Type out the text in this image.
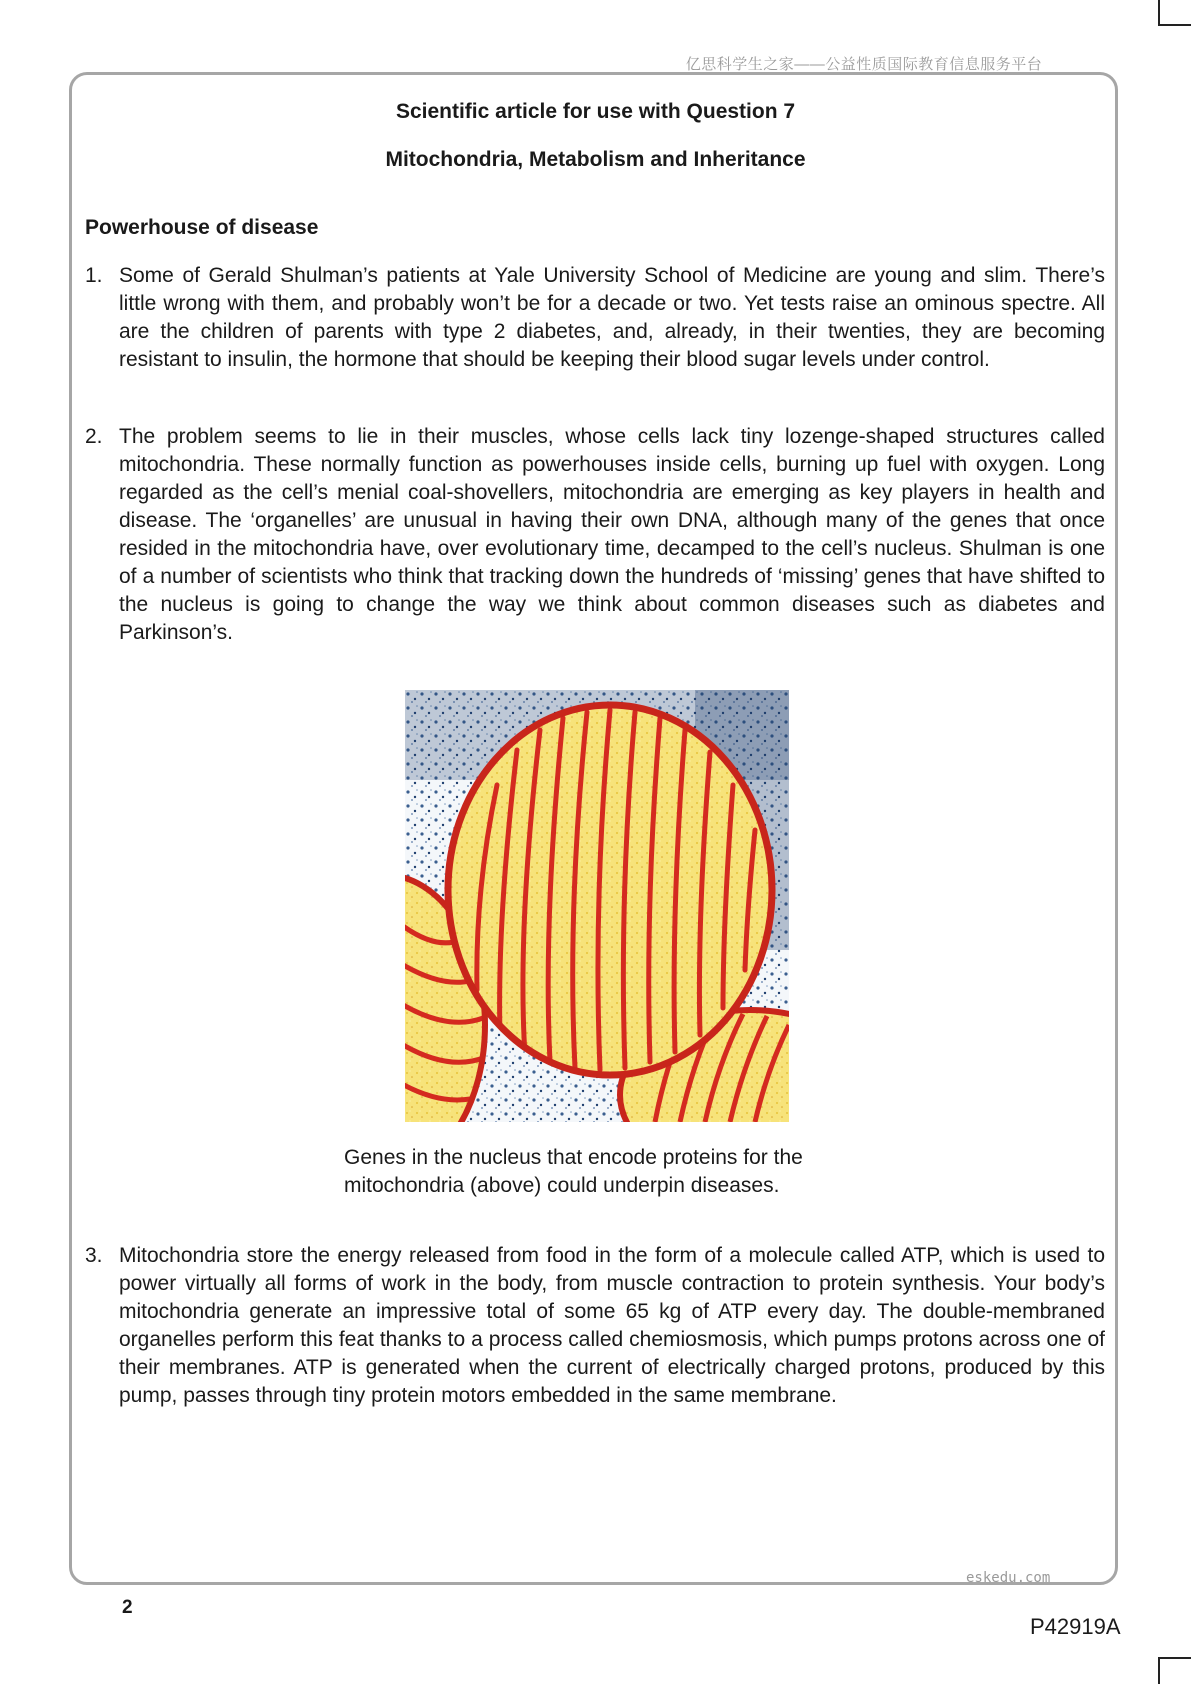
亿思科学生之家——公益性质国际教育信息服务平台
Scientific article for use with Question 7
Mitochondria, Metabolism and Inheritance
Powerhouse of disease
1. Some of Gerald Shulman’s patients at Yale University School of Medicine are young and slim. There’s little wrong with them, and probably won’t be for a decade or two. Yet tests raise an ominous spectre. All are the children of parents with type 2 diabetes, and, already, in their twenties, they are becoming resistant to insulin, the hormone that should be keeping their blood sugar levels under control.
2. The problem seems to lie in their muscles, whose cells lack tiny lozenge-shaped structures called mitochondria. These normally function as powerhouses inside cells, burning up fuel with oxygen. Long regarded as the cell’s menial coal-shovellers, mitochondria are emerging as key players in health and disease. The ‘organelles’ are unusual in having their own DNA, although many of the genes that once resided in the mitochondria have, over evolutionary time, decamped to the cell’s nucleus. Shulman is one of a number of scientists who think that tracking down the hundreds of ‘missing’ genes that have shifted to the nucleus is going to change the way we think about common diseases such as diabetes and Parkinson’s.
Genes in the nucleus that encode proteins for the mitochondria (above) could underpin diseases.
3. Mitochondria store the energy released from food in the form of a molecule called ATP, which is used to power virtually all forms of work in the body, from muscle contraction to protein synthesis. Your body’s mitochondria generate an impressive total of some 65 kg of ATP every day. The double-membraned organelles perform this feat thanks to a process called chemiosmosis, which pumps protons across one of their membranes. ATP is generated when the current of electrically charged protons, produced by this pump, passes through tiny protein motors embedded in the same membrane.
eskedu.com
2
P42919A
